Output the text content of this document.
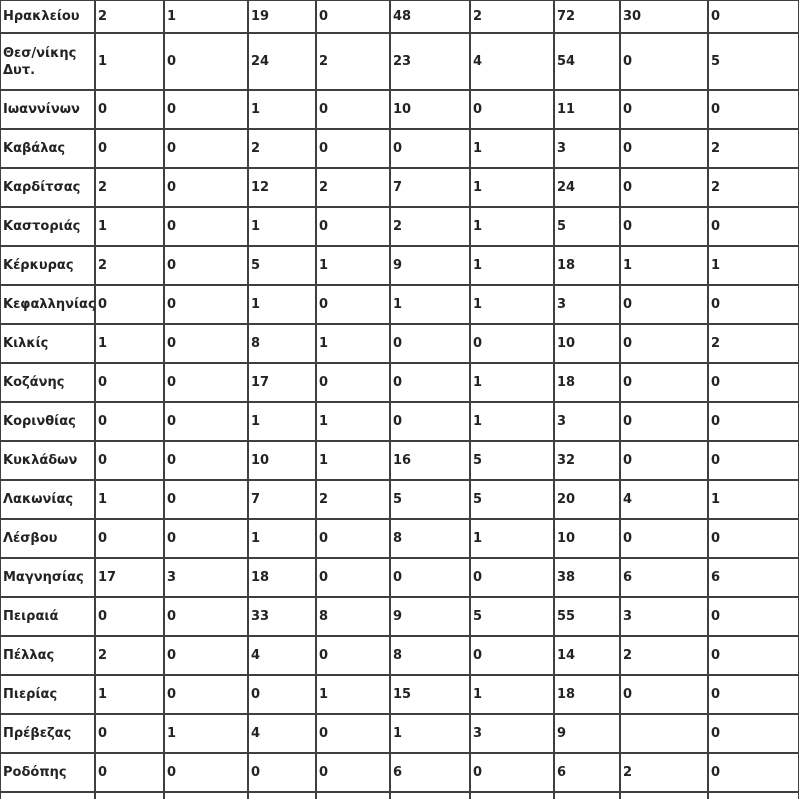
Ηρακλείου	2	1	19	0	48	2	72	30	0
Θεσ/νίκης Δυτ.	1	0	24	2	23	4	54	0	5
Ιωαννίνων	0	0	1	0	10	0	11	0	0
Καβάλας	0	0	2	0	0	1	3	0	2
Καρδίτσας	2	0	12	2	7	1	24	0	2
Καστοριάς	1	0	1	0	2	1	5	0	0
Κέρκυρας	2	0	5	1	9	1	18	1	1
Κεφαλληνίας	0	0	1	0	1	1	3	0	0
Κιλκίς	1	0	8	1	0	0	10	0	2
Κοζάνης	0	0	17	0	0	1	18	0	0
Κορινθίας	0	0	1	1	0	1	3	0	0
Κυκλάδων	0	0	10	1	16	5	32	0	0
Λακωνίας	1	0	7	2	5	5	20	4	1
Λέσβου	0	0	1	0	8	1	10	0	0
Μαγνησίας	17	3	18	0	0	0	38	6	6
Πειραιά	0	0	33	8	9	5	55	3	0
Πέλλας	2	0	4	0	8	0	14	2	0
Πιερίας	1	0	0	1	15	1	18	0	0
Πρέβεζας	0	1	4	0	1	3	9		0
Ροδόπης	0	0	0	0	6	0	6	2	0
